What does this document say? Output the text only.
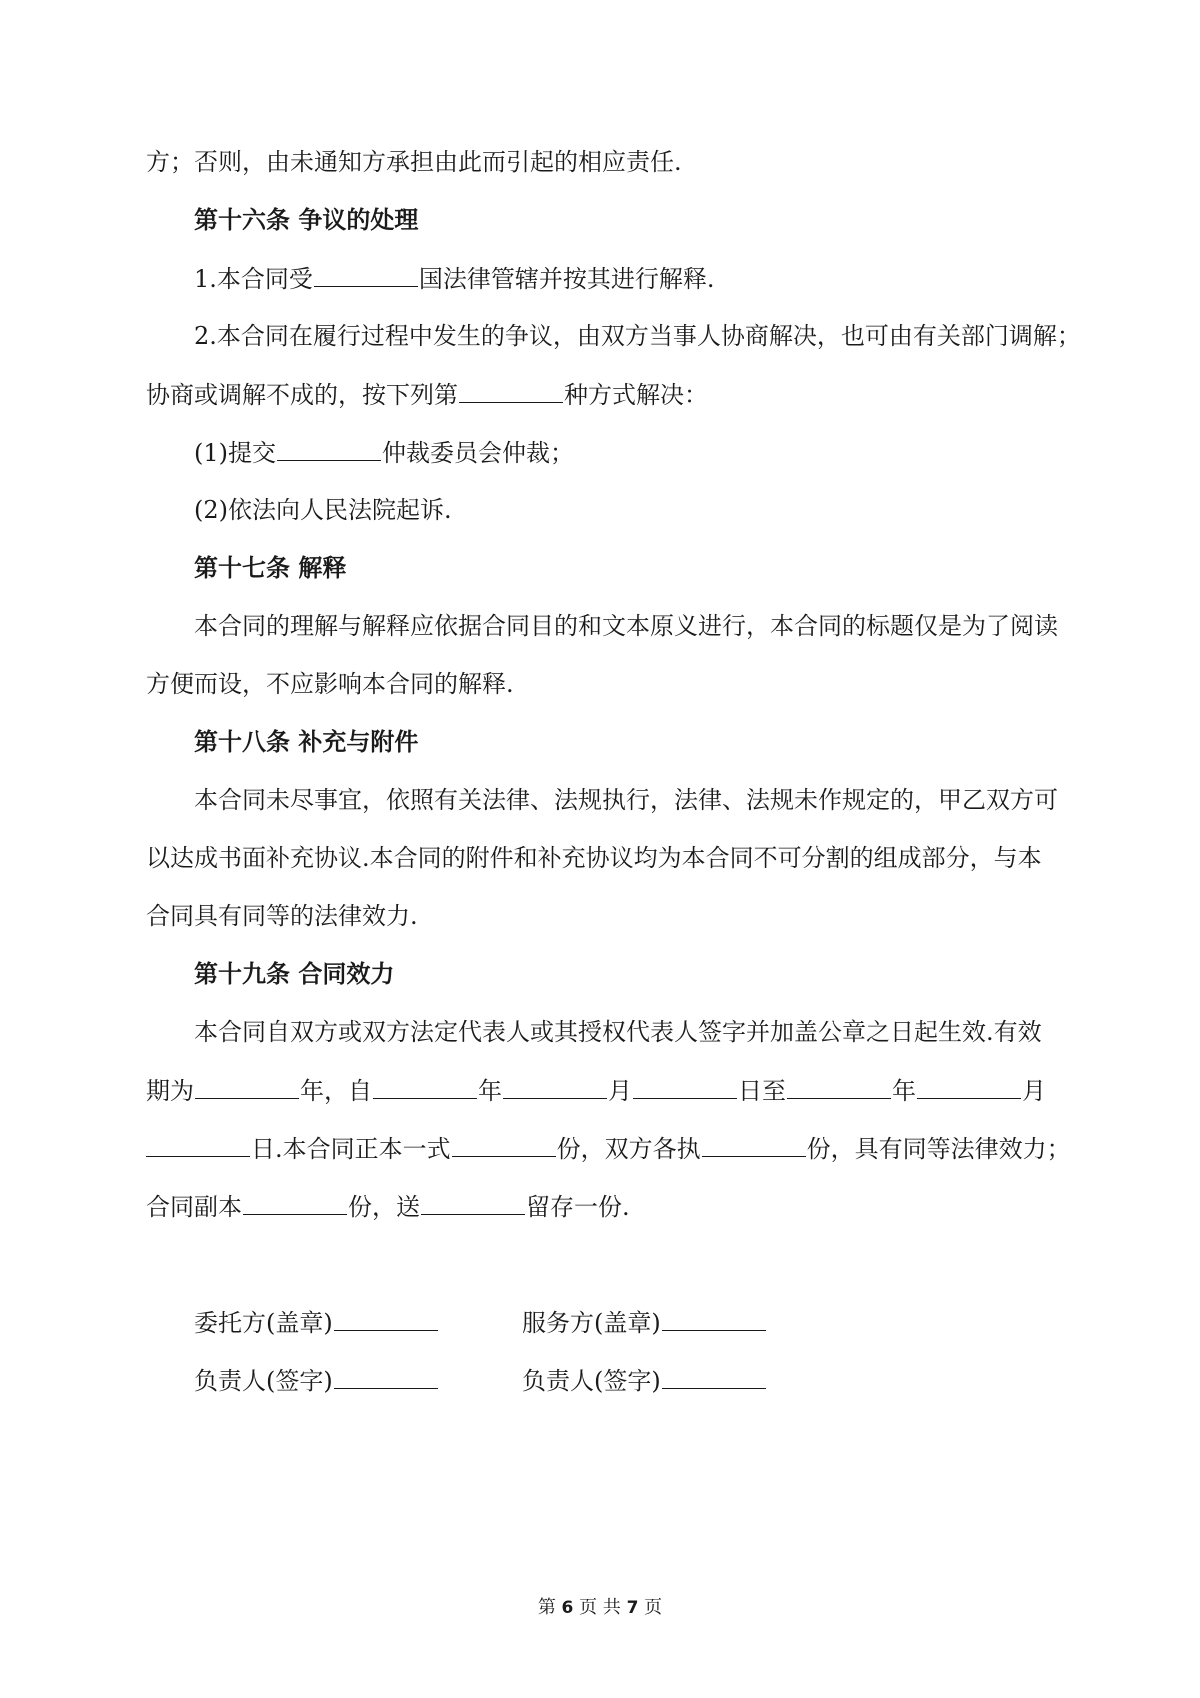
方；否则，由未通知方承担由此而引起的相应责任.
第十六条 争议的处理
1.本合同受	国法律管辖并按其进行解释.
2.本合同在履行过程中发生的争议，由双方当事人协商解决，也可由有关部门调解；
协商或调解不成的，按下列第	种方式解决：
(1)提交	仲裁委员会仲裁；
(2)依法向人民法院起诉.
第十七条 解释
本合同的理解与解释应依据合同目的和文本原义进行，本合同的标题仅是为了阅读
方便而设，不应影响本合同的解释.
第十八条 补充与附件
本合同未尽事宜，依照有关法律、法规执行，法律、法规未作规定的，甲乙双方可
以达成书面补充协议.本合同的附件和补充协议均为本合同不可分割的组成部分，与本
合同具有同等的法律效力.
第十九条 合同效力
本合同自双方或双方法定代表人或其授权代表人签字并加盖公章之日起生效.有效
期为	年，自	年	月	日至	年	月
日.本合同正本一式	份，双方各执	份，具有同等法律效力；
合同副本	份，送	留存一份.
委托方(盖章)	服务方(盖章)
负责人(签字)	负责人(签字)
第 6 页 共 7 页
